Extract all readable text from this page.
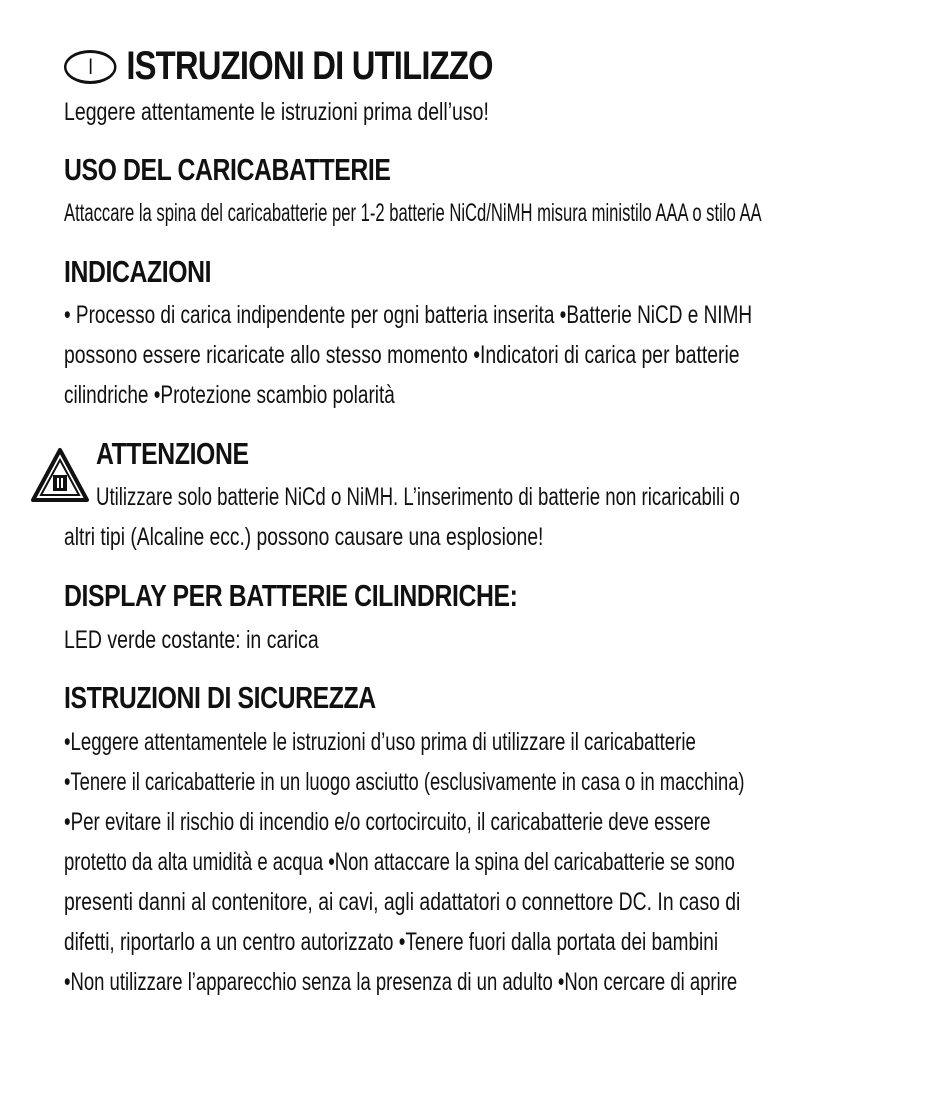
I ISTRUZIONI DI UTILIZZO
Leggere attentamente le istruzioni prima dell’uso!
USO DEL CARICABATTERIE
Attaccare la spina del caricabatterie per 1-2 batterie NiCd/NiMH misura ministilo AAA o stilo AA
INDICAZIONI
• Processo di carica indipendente per ogni batteria inserita •Batterie NiCD e NIMH
possono essere ricaricate allo stesso momento •Indicatori di carica per batterie
cilindriche •Protezione scambio polarità
ATTENZIONE
Utilizzare solo batterie NiCd o NiMH. L’inserimento di batterie non ricaricabili o
altri tipi (Alcaline ecc.) possono causare una esplosione!
DISPLAY PER BATTERIE CILINDRICHE:
LED verde costante: in carica
ISTRUZIONI DI SICUREZZA
•Leggere attentamentele le istruzioni d’uso prima di utilizzare il caricabatterie
•Tenere il caricabatterie in un luogo asciutto (esclusivamente in casa o in macchina)
•Per evitare il rischio di incendio e/o cortocircuito, il caricabatterie deve essere
protetto da alta umidità e acqua •Non attaccare la spina del caricabatterie se sono
presenti danni al contenitore, ai cavi, agli adattatori o connettore DC. In caso di
difetti, riportarlo a un centro autorizzato •Tenere fuori dalla portata dei bambini
•Non utilizzare l’apparecchio senza la presenza di un adulto •Non cercare di aprire
